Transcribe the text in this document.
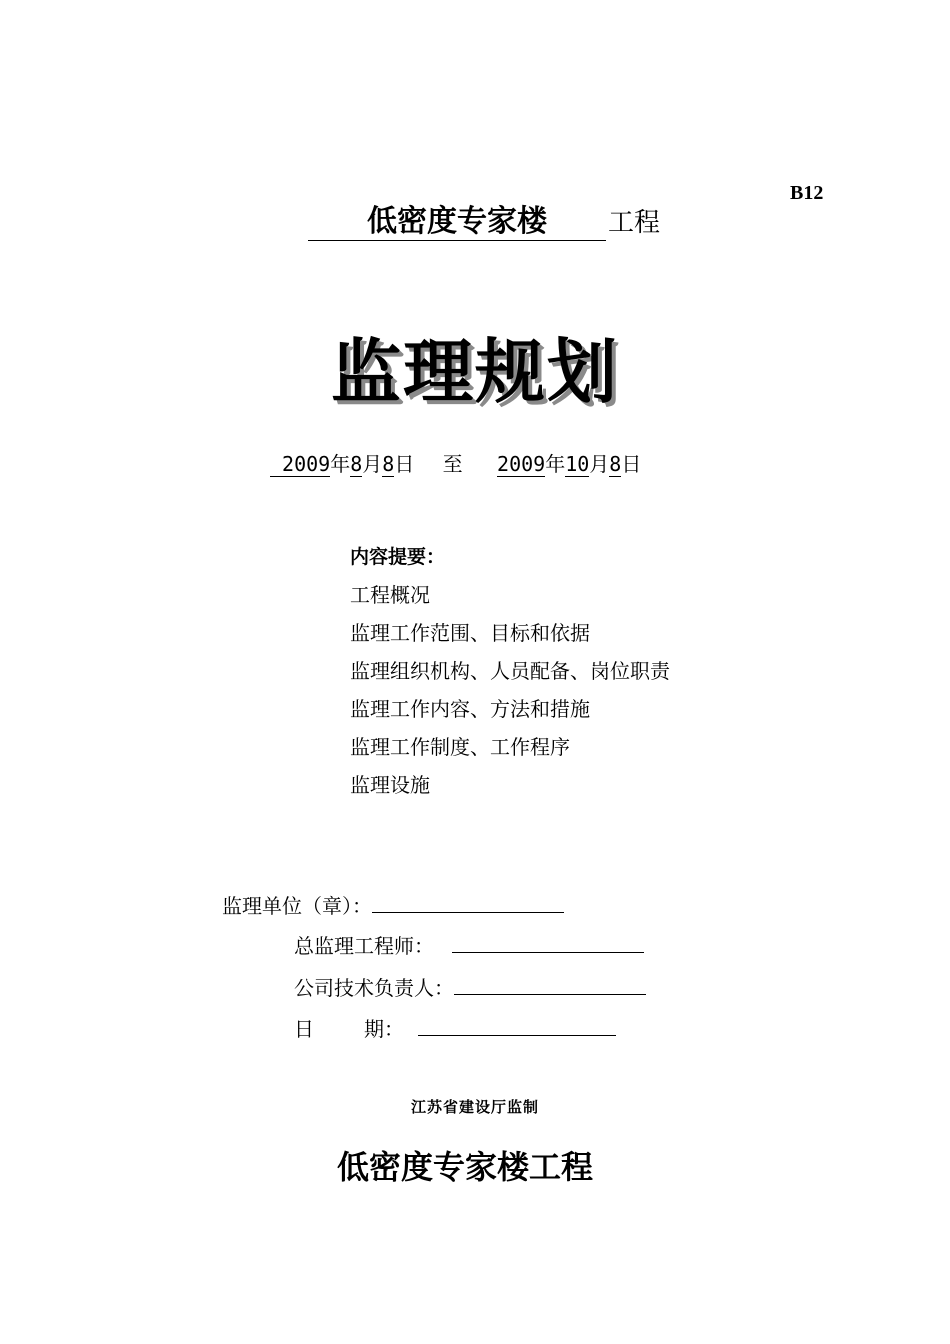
B12
低密度专家楼 工程
监理规划
2009年8月8日 至 2009年10月8日
内容提要：
工程概况
监理工作范围、目标和依据
监理组织机构、人员配备、岗位职责
监理工作内容、方法和措施
监理工作制度、工作程序
监理设施
监理单位（章）：
总监理工程师：
公司技术负责人：
日	期：
江苏省建设厅监制
低密度专家楼工程
